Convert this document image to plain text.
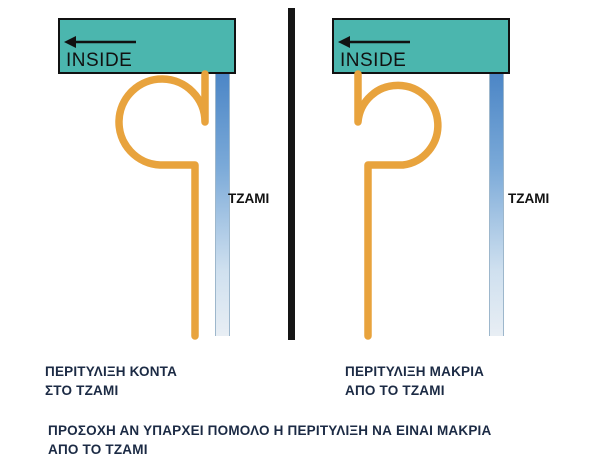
INSIDE
TZAMI
ΠΕΡΙΤΥΛΙΞΗ ΚΟΝΤΑ
ΣΤΟ ΤΖΑΜΙ
INSIDE
TZAMI
ΠΕΡΙΤΥΛΙΞΗ ΜΑΚΡΙΑ
ΑΠΟ ΤΟ ΤΖΑΜΙ
ΠΡΟΣΟΧΗ ΑΝ ΥΠΑΡΧΕΙ ΠΟΜΟΛΟ Η ΠΕΡΙΤΥΛΙΞΗ ΝΑ ΕΙΝΑΙ ΜΑΚΡΙΑ
ΑΠΟ ΤΟ ΤΖΑΜΙ
